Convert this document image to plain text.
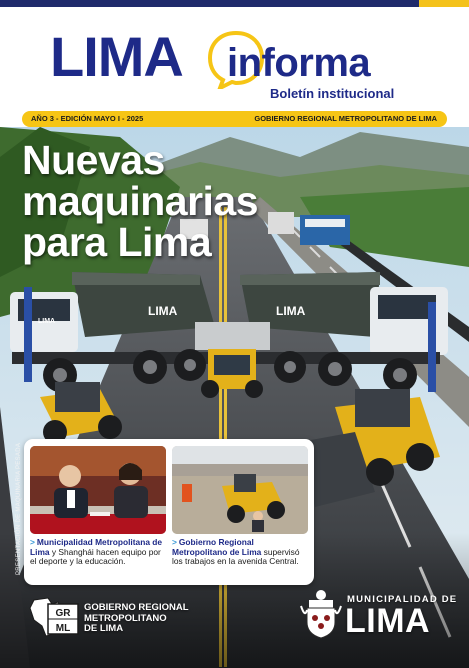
LIMA informa
Boletín institucional
AÑO 3 - EDICIÓN MAYO I - 2025	GOBIERNO REGIONAL METROPOLITANO DE LIMA
Nuevas
maquinarias
para Lima
PRESENTACIÓN DE MAQUINARIA PESADA
LIMA	LIMA
LIMA
> Municipalidad Metropolitana de Lima y Shanghái hacen equipo por el deporte y la educación.
> Gobierno Regional Metropolitano de Lima supervisó los trabajos en la avenida Central.
GR
ML
GOBIERNO REGIONAL
METROPOLITANO
DE LIMA
MUNICIPALIDAD DE
LIMA
